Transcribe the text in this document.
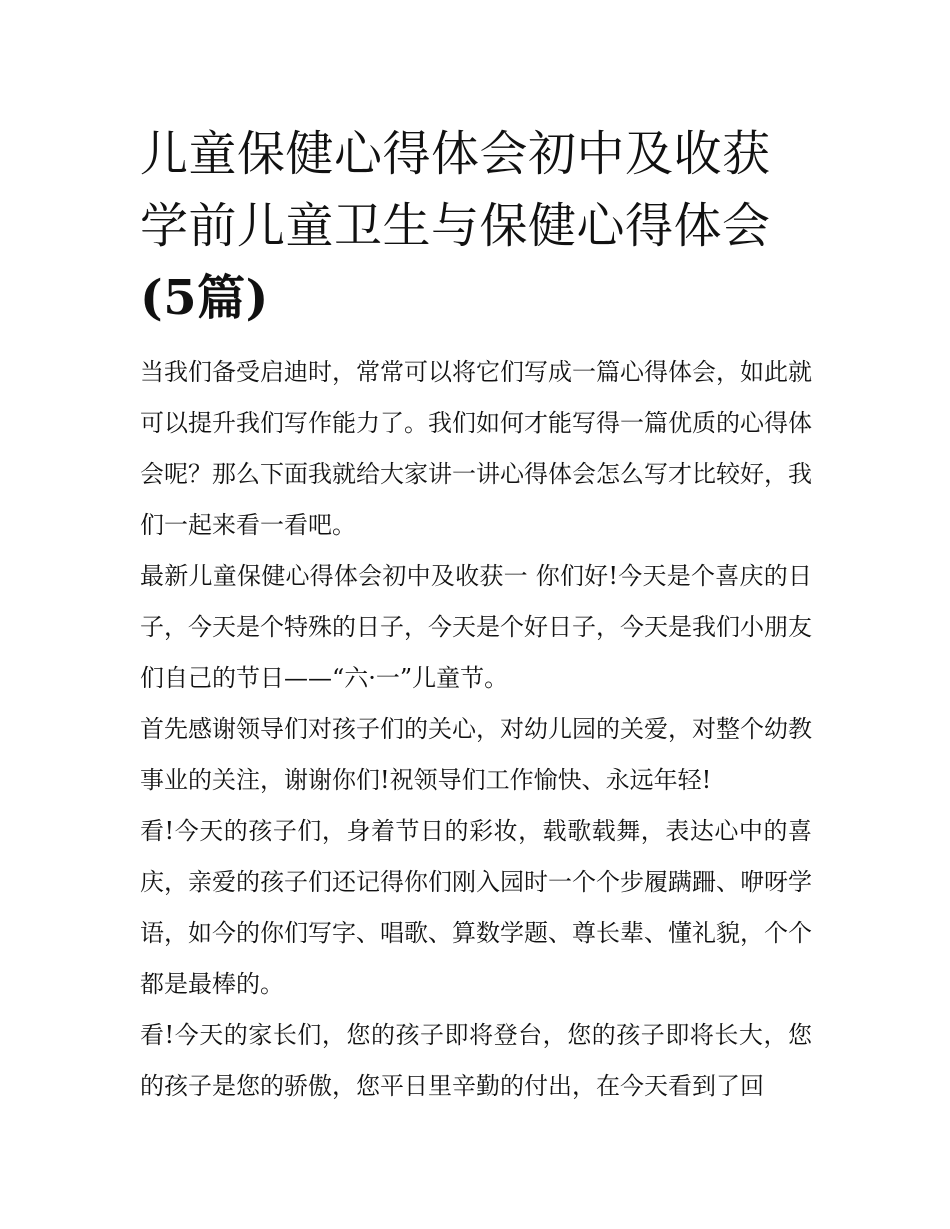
儿童保健心得体会初中及收获
学前儿童卫生与保健心得体会
(5篇)

当我们备受启迪时，常常可以将它们写成一篇心得体会，如此就可以提升我们写作能力了。我们如何才能写得一篇优质的心得体会呢？那么下面我就给大家讲一讲心得体会怎么写才比较好，我们一起来看一看吧。

最新儿童保健心得体会初中及收获一 你们好!今天是个喜庆的日子，今天是个特殊的日子，今天是个好日子，今天是我们小朋友们自己的节日——“六·一”儿童节。

首先感谢领导们对孩子们的关心，对幼儿园的关爱，对整个幼教事业的关注，谢谢你们!祝领导们工作愉快、永远年轻!

看!今天的孩子们，身着节日的彩妆，载歌载舞，表达心中的喜庆，亲爱的孩子们还记得你们刚入园时一个个步履蹒跚、咿呀学语，如今的你们写字、唱歌、算数学题、尊长辈、懂礼貌，个个都是最棒的。

看!今天的家长们，您的孩子即将登台，您的孩子即将长大，您的孩子是您的骄傲，您平日里辛勤的付出，在今天看到了回
